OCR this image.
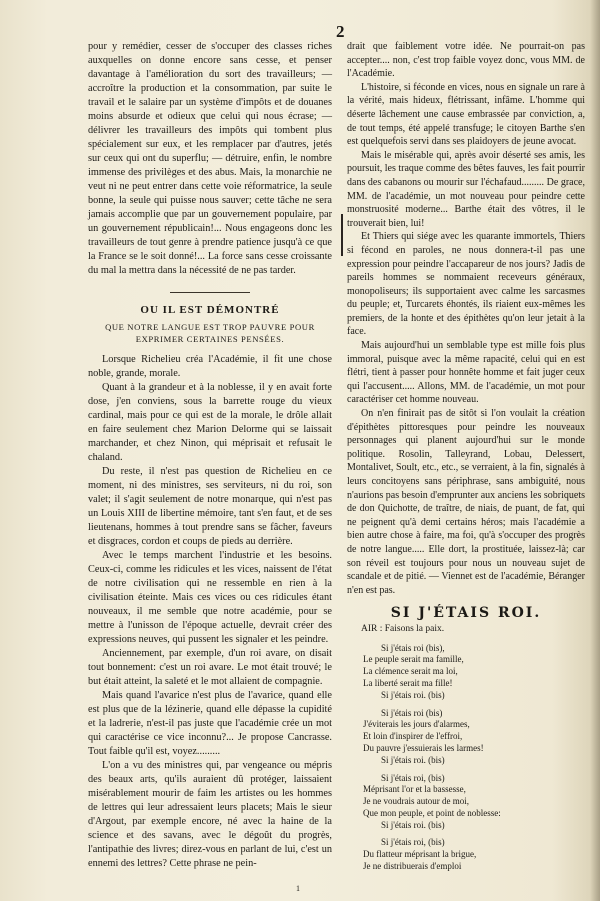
2

pour y remédier, cesser de s'occuper des classes riches auxquelles on donne encore sans cesse, et penser davantage à l'amélioration du sort des travailleurs; — accroître la production et la consommation, par suite le travail et le salaire par un système d'impôts et de douanes moins absurde et odieux que celui qui nous écrase; — délivrer les travailleurs des impôts qui tombent plus spécialement sur eux, et les remplacer par d'autres, jetés sur ceux qui ont du superflu; — détruire, enfin, le nombre immense des privilèges et des abus. Mais, la monarchie ne veut ni ne peut entrer dans cette voie réformatrice, la seule bonne, la seule qui puisse nous sauver; cette tâche ne sera jamais accomplie que par un gouvernement populaire, par un gouvernement républicain!... Nous engageons donc les travailleurs de tout genre à prendre patience jusqu'à ce que la France se le soit donné!... La force sans cesse croissante du mal la mettra dans la nécessité de ne pas tarder.

OU IL EST DÉMONTRÉ
QUE NOTRE LANGUE EST TROP PAUVRE POUR EXPRIMER CERTAINES PENSÉES.

Lorsque Richelieu créa l'Académie, il fit une chose noble, grande, morale.

Quant à la grandeur et à la noblesse, il y en avait forte dose, j'en conviens, sous la barrette rouge du vieux cardinal, mais pour ce qui est de la morale, le drôle allait en faire seulement chez Marion Delorme qui se laissait marchander, et chez Ninon, qui méprisait et refusait le chaland.

Du reste, il n'est pas question de Richelieu en ce moment, ni des ministres, ses serviteurs, ni du roi, son valet; il s'agit seulement de notre monarque, qui n'est pas un Louis XIII de libertine mémoire, tant s'en faut, et de ses lieutenans, hommes à tout prendre sans se fâcher, faveurs et disgraces, cordon et coups de pieds au derrière.

Avec le temps marchent l'industrie et les besoins. Ceux-ci, comme les ridicules et les vices, naissent de l'état de notre civilisation qui ne ressemble en rien à la civilisation éteinte. Mais ces vices ou ces ridicules étant nouveaux, il me semble que notre académie, pour se mettre à l'unisson de l'époque actuelle, devrait créer des expressions neuves, qui pussent les signaler et les peindre.

Anciennement, par exemple, d'un roi avare, on disait tout bonnement: c'est un roi avare. Le mot était trouvé; le but était atteint, la saleté et le mot allaient de compagnie.

Mais quand l'avarice n'est plus de l'avarice, quand elle est plus que de la lézinerie, quand elle dépasse la cupidité et la ladrerie, n'est-il pas juste que l'académie crée un mot qui caractérise ce vice inconnu?... Je propose Cancrasse. Tout faible qu'il est, voyez.........

L'on a vu des ministres qui, par vengeance ou mépris des beaux arts, qu'ils auraient dû protéger, laissaient misérablement mourir de faim les artistes ou les hommes de lettres qui leur adressaient leurs placets; Mais le sieur d'Argout, par exemple encore, né avec la haine de la science et des savans, avec le dégoût du progrès, l'antipathie des livres; direz-vous en parlant de lui, c'est un ennemi des lettres? Cette phrase ne pein-

drait que faiblement votre idée. Ne pourrait-on pas accepter.... non, c'est trop faible voyez donc, vous MM. de l'Académie.

L'histoire, si féconde en vices, nous en signale un rare à la vérité, mais hideux, flétrissant, infâme. L'homme qui déserte lâchement une cause embrassée par conviction, a, de tout temps, été appelé transfuge; le citoyen Barthe s'en est quelquefois servi dans ses plaidoyers de jeune avocat.

Mais le misérable qui, après avoir déserté ses amis, les poursuit, les traque comme des bêtes fauves, les fait pourrir dans des cabanons ou mourir sur l'échafaud......... De grace, MM. de l'académie, un mot nouveau pour peindre cette monstruosité moderne... Barthe était des vôtres, il le trouverait bien, lui!

Et Thiers qui siége avec les quarante immortels, Thiers si fécond en paroles, ne nous donnera-t-il pas une expression pour peindre l'accapareur de nos jours? Jadis de pareils hommes se nommaient receveurs généraux, monopoliseurs; ils supportaient avec calme les sarcasmes du peuple; et, Turcarets éhontés, ils riaient eux-mêmes les premiers, de la honte et des épithètes qu'on leur jetait à la face.

Mais aujourd'hui un semblable type est mille fois plus immoral, puisque avec la même rapacité, celui qui en est flétri, tient à passer pour honnête homme et fait juger ceux qui l'accusent..... Allons, MM. de l'académie, un mot pour caractériser cet homme nouveau.

On n'en finirait pas de sitôt si l'on voulait la création d'épithètes pittoresques pour peindre les nouveaux personnages qui planent aujourd'hui sur le monde politique. Rosolin, Talleyrand, Lobau, Delessert, Montalivet, Soult, etc., etc., se verraient, à la fin, signalés à leurs concitoyens sans périphrase, sans ambiguité, nous n'aurions pas besoin d'emprunter aux anciens les sobriquets de don Quichotte, de traître, de niais, de puant, de fat, qui ne peignent qu'à demi certains héros; mais l'académie a bien autre chose à faire, ma foi, qu'à s'occuper des progrès de notre langue..... Elle dort, la prostituée, laissez-là; car son réveil est toujours pour nous un nouveau sujet de scandale et de pitié. — Viennet est de l'académie, Béranger n'en est pas.

SI J'ÉTAIS ROI.
AIR : Faisons la paix.
Si j'étais roi (bis),
Le peuple serait ma famille,
La clémence serait ma loi,
La liberté serait ma fille!
Si j'étais roi. (bis)
Si j'étais roi (bis)
J'éviterais les jours d'alarmes,
Et loin d'inspirer de l'effroi,
Du pauvre j'essuierais les larmes!
Si j'étais roi. (bis)
Si j'étais roi, (bis)
Méprisant l'or et la bassesse,
Je ne voudrais autour de moi,
Que mon peuple, et point de noblesse:
Si j'étais roi. (bis)
Si j'étais roi, (bis)
Du flatteur méprisant la brigue,
Je ne distribuerais d'emploi
1
